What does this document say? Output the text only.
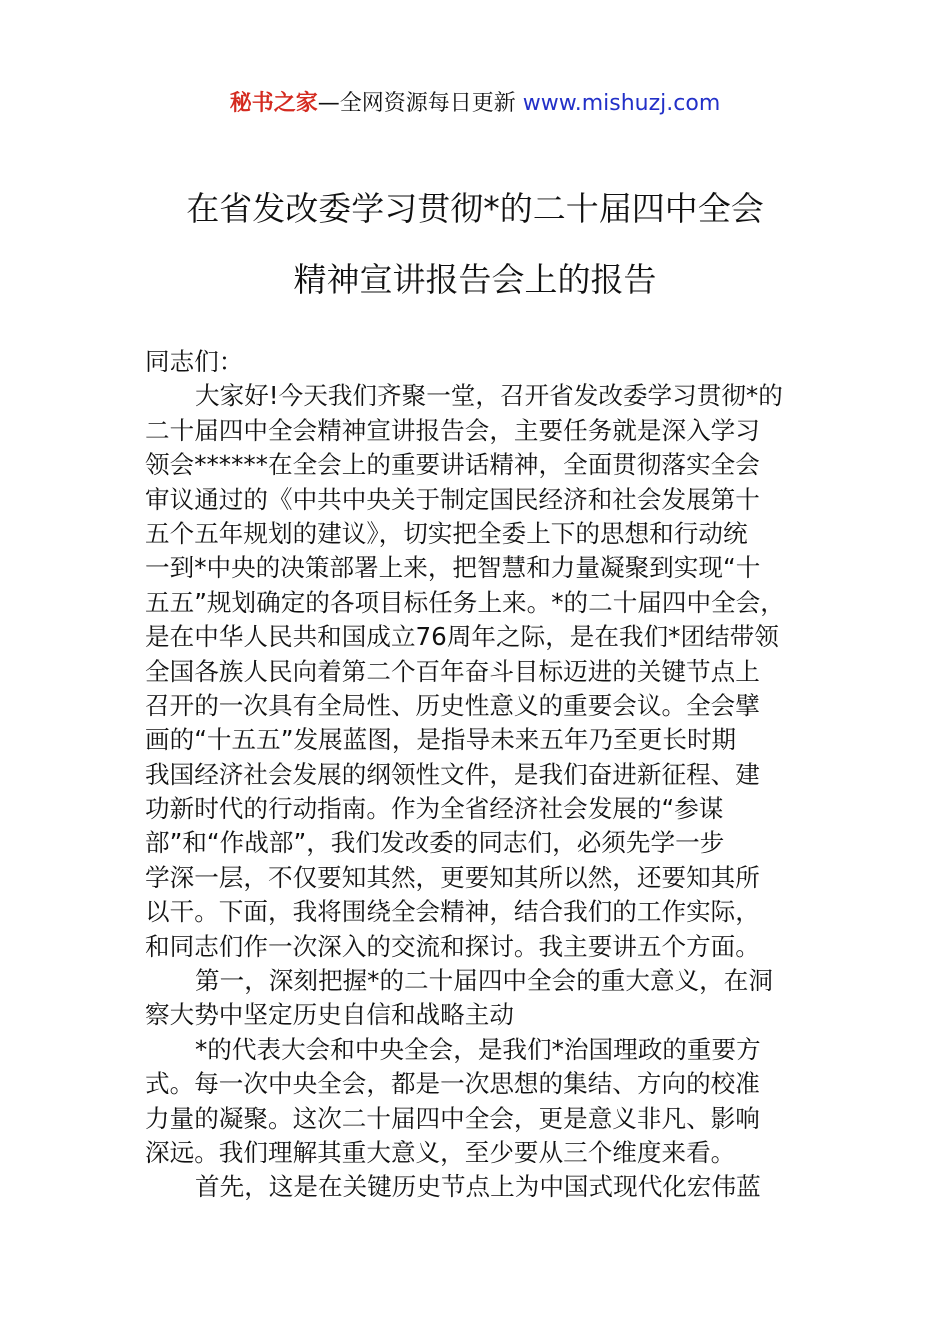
秘书之家—全网资源每日更新 www.mishuzj.com
在省发改委学习贯彻*的二十届四中全会
精神宣讲报告会上的报告
同志们：
大家好!今天我们齐聚一堂，召开省发改委学习贯彻*的
二十届四中全会精神宣讲报告会，主要任务就是深入学习
领会******在全会上的重要讲话精神，全面贯彻落实全会
审议通过的《中共中央关于制定国民经济和社会发展第十
五个五年规划的建议》，切实把全委上下的思想和行动统
一到*中央的决策部署上来，把智慧和力量凝聚到实现“十
五五”规划确定的各项目标任务上来。*的二十届四中全会，
是在中华人民共和国成立76周年之际，是在我们*团结带领
全国各族人民向着第二个百年奋斗目标迈进的关键节点上
召开的一次具有全局性、历史性意义的重要会议。全会擘
画的“十五五”发展蓝图，是指导未来五年乃至更长时期
我国经济社会发展的纲领性文件，是我们奋进新征程、建
功新时代的行动指南。作为全省经济社会发展的“参谋
部”和“作战部”，我们发改委的同志们，必须先学一步
学深一层，不仅要知其然，更要知其所以然，还要知其所
以干。下面，我将围绕全会精神，结合我们的工作实际，
和同志们作一次深入的交流和探讨。我主要讲五个方面。
第一，深刻把握*的二十届四中全会的重大意义，在洞
察大势中坚定历史自信和战略主动
*的代表大会和中央全会，是我们*治国理政的重要方
式。每一次中央全会，都是一次思想的集结、方向的校准
力量的凝聚。这次二十届四中全会，更是意义非凡、影响
深远。我们理解其重大意义，至少要从三个维度来看。
首先，这是在关键历史节点上为中国式现代化宏伟蓝
